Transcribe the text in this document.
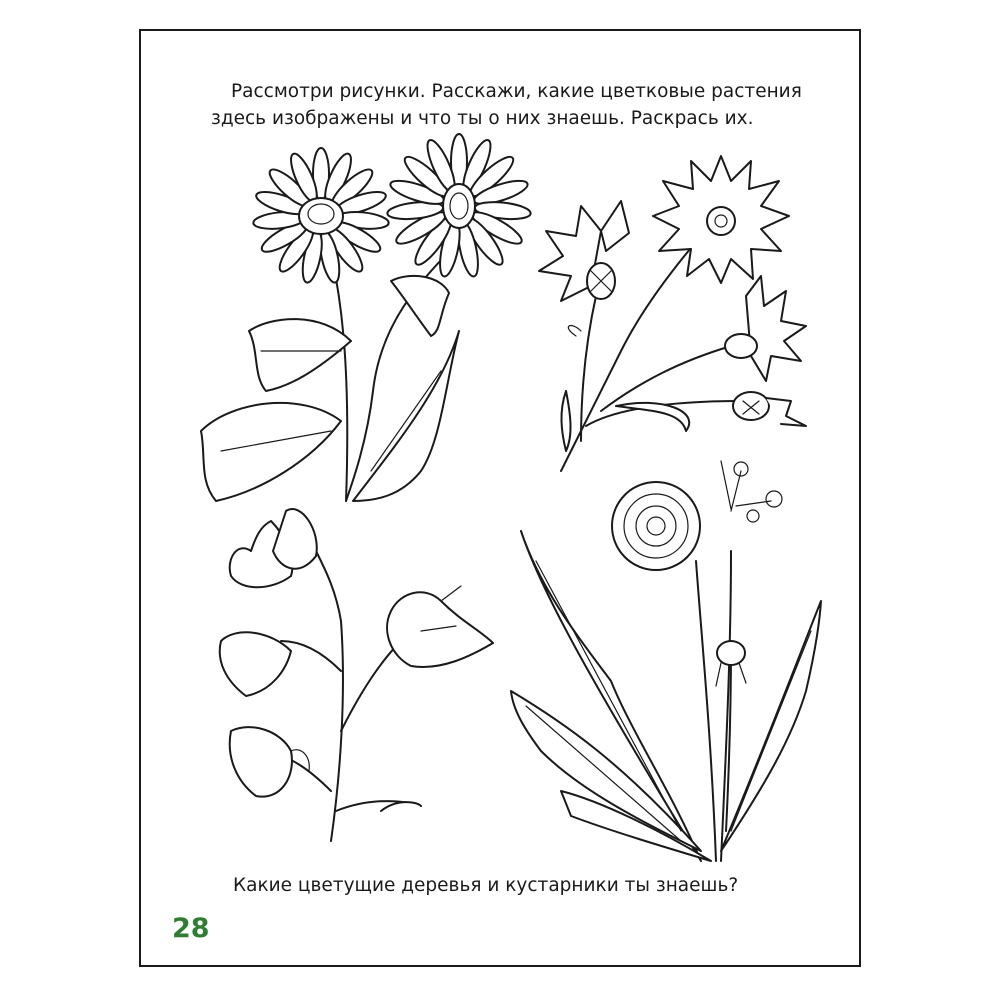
Рассмотри рисунки. Расскажи, какие цветковые растения здесь изображены и что ты о них знаешь. Раскрась их.
Какие цветущие деревья и кустарники ты знаешь?
28
